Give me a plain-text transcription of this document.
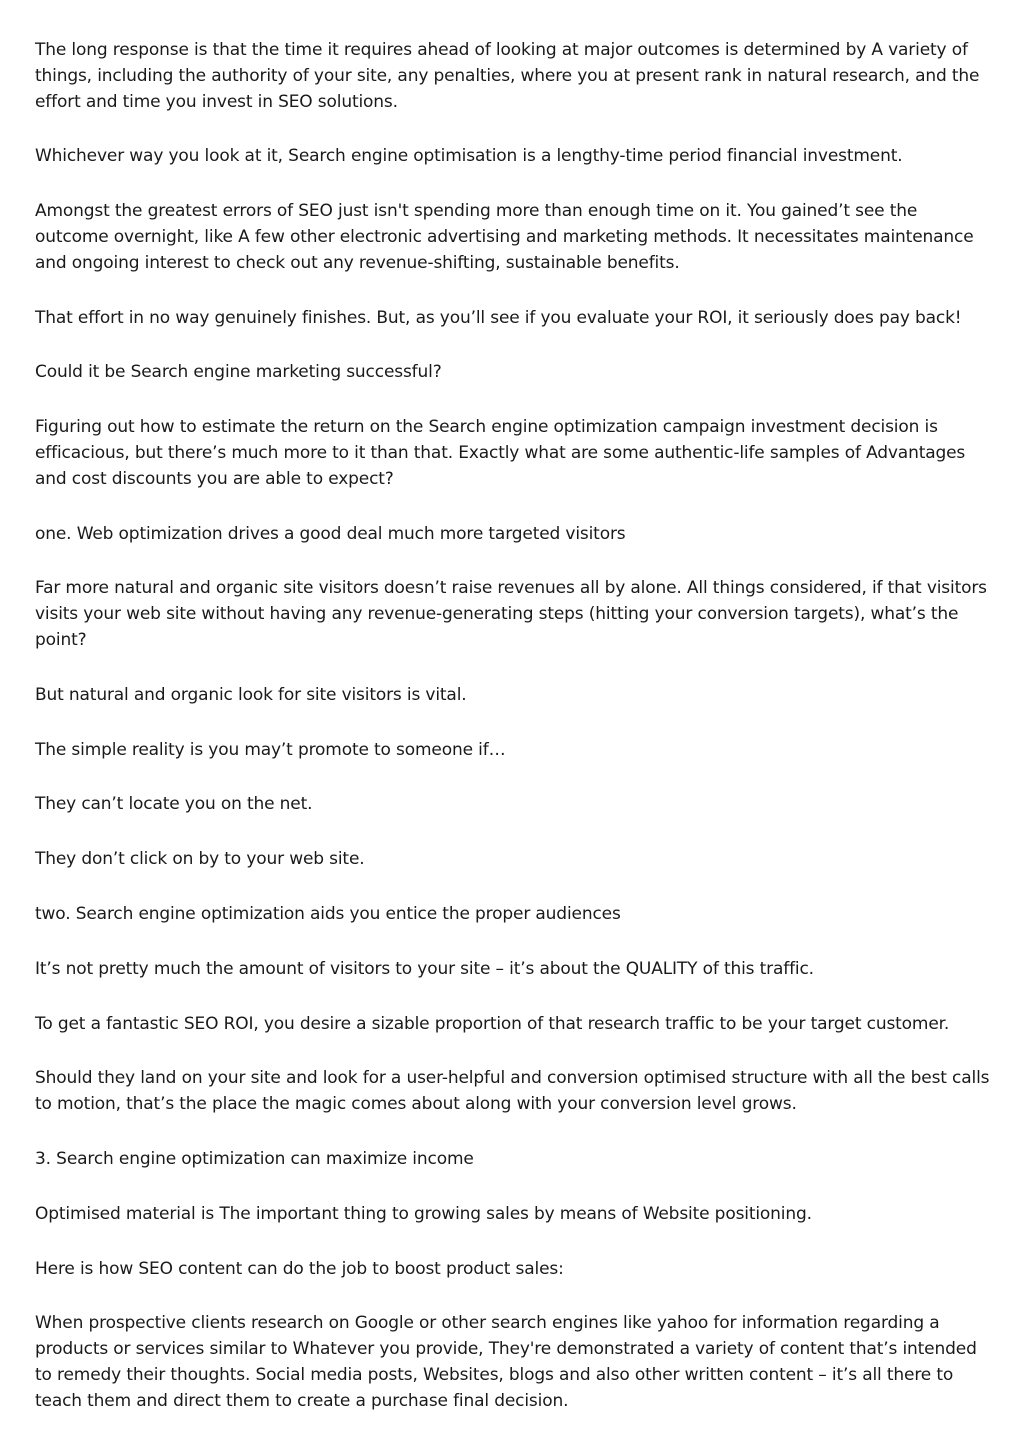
The long response is that the time it requires ahead of looking at major outcomes is determined by A variety of things, including the authority of your site, any penalties, where you at present rank in natural research, and the effort and time you invest in SEO solutions.

Whichever way you look at it, Search engine optimisation is a lengthy-time period financial investment.

Amongst the greatest errors of SEO just isn't spending more than enough time on it. You gained’t see the outcome overnight, like A few other electronic advertising and marketing methods. It necessitates maintenance and ongoing interest to check out any revenue-shifting, sustainable benefits.

That effort in no way genuinely finishes. But, as you’ll see if you evaluate your ROI, it seriously does pay back!

Could it be Search engine marketing successful?

Figuring out how to estimate the return on the Search engine optimization campaign investment decision is efficacious, but there’s much more to it than that. Exactly what are some authentic-life samples of Advantages and cost discounts you are able to expect?

one. Web optimization drives a good deal much more targeted visitors

Far more natural and organic site visitors doesn’t raise revenues all by alone. All things considered, if that visitors visits your web site without having any revenue-generating steps (hitting your conversion targets), what’s the point?

But natural and organic look for site visitors is vital.

The simple reality is you may’t promote to someone if…

They can’t locate you on the net.

They don’t click on by to your web site.

two. Search engine optimization aids you entice the proper audiences

It’s not pretty much the amount of visitors to your site – it’s about the QUALITY of this traffic.

To get a fantastic SEO ROI, you desire a sizable proportion of that research traffic to be your target customer.

Should they land on your site and look for a user-helpful and conversion optimised structure with all the best calls to motion, that’s the place the magic comes about along with your conversion level grows.

3. Search engine optimization can maximize income

Optimised material is The important thing to growing sales by means of Website positioning.

Here is how SEO content can do the job to boost product sales:

When prospective clients research on Google or other search engines like yahoo for information regarding a products or services similar to Whatever you provide, They're demonstrated a variety of content that’s intended to remedy their thoughts. Social media posts, Websites, blogs and also other written content – it’s all there to teach them and direct them to create a purchase final decision.
